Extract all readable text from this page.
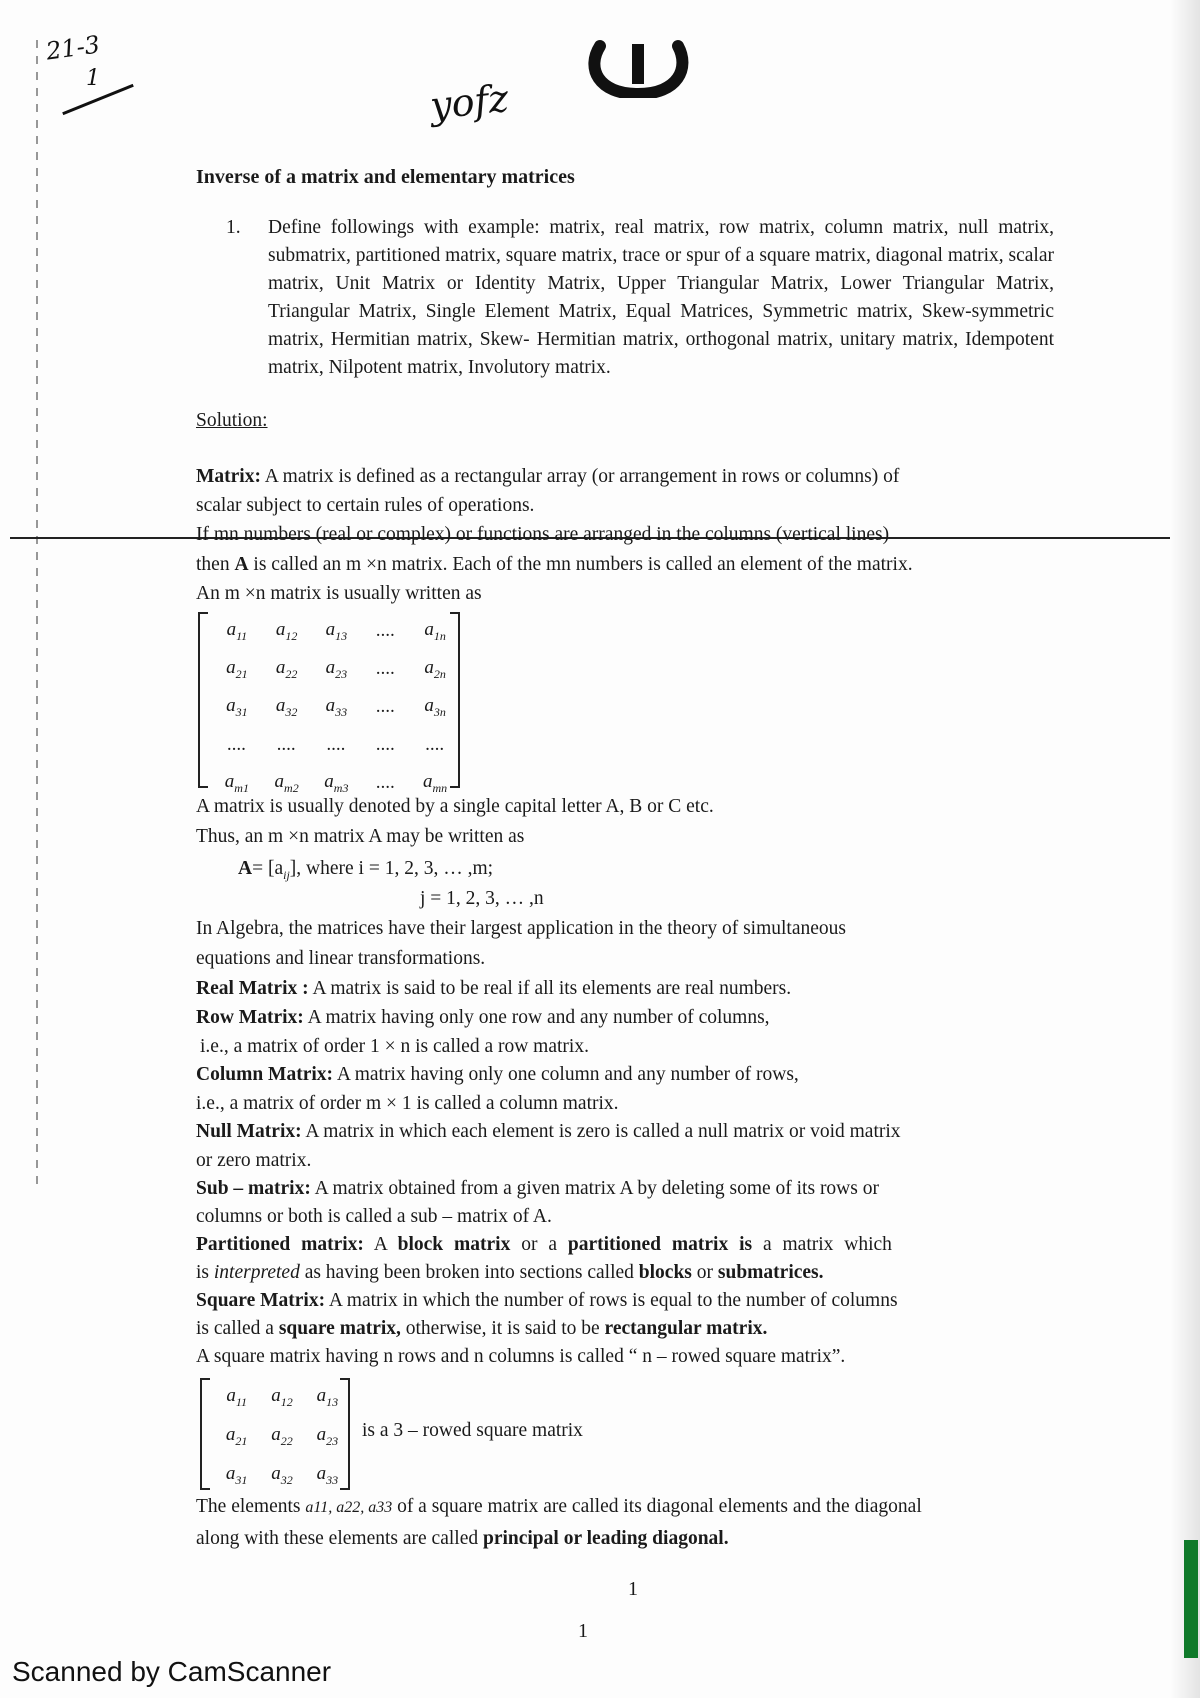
21-3
1	yofz
Inverse of a matrix and elementary matrices
1. Define followings with example: matrix, real matrix, row matrix, column matrix, null matrix, submatrix, partitioned matrix, square matrix, trace or spur of a square matrix, diagonal matrix, scalar matrix, Unit Matrix or Identity Matrix, Upper Triangular Matrix, Lower Triangular Matrix, Triangular Matrix, Single Element Matrix, Equal Matrices, Symmetric matrix, Skew-symmetric matrix, Hermitian matrix, Skew- Hermitian matrix, orthogonal matrix, unitary matrix, Idempotent matrix, Nilpotent matrix, Involutory matrix.
Solution:
Matrix: A matrix is defined as a rectangular array (or arrangement in rows or columns) of
scalar subject to certain rules of operations.
If mn numbers (real or complex) or functions are arranged in the columns (vertical lines)
then A is called an m ×n matrix. Each of the mn numbers is called an element of the matrix.
An m ×n matrix is usually written as
$a_{11}$	$a_{12}$	$a_{13}$	....	$a_{1n}$
$a_{21}$	$a_{22}$	$a_{23}$	....	$a_{2n}$
$a_{31}$	$a_{32}$	$a_{33}$	....	$a_{3n}$
....	....	....	....	....
$a_{m1}$	$a_{m2}$	$a_{m3}$	....	$a_{mn}$
A matrix is usually denoted by a single capital letter A, B or C etc.
Thus, an m ×n matrix A may be written as
$A= [a_{ij}]$, where i = 1, 2, 3, … ,m;
j = 1, 2, 3, … ,n
In Algebra, the matrices have their largest application in the theory of simultaneous
equations and linear transformations.
Real Matrix : A matrix is said to be real if all its elements are real numbers.
Row Matrix: A matrix having only one row and any number of columns,
i.e., a matrix of order 1 × n is called a row matrix.
Column Matrix: A matrix having only one column and any number of rows,
i.e., a matrix of order m × 1 is called a column matrix.
Null Matrix: A matrix in which each element is zero is called a null matrix or void matrix
or zero matrix.
Sub – matrix: A matrix obtained from a given matrix A by deleting some of its rows or
columns or both is called a sub – matrix of A.
Partitioned matrix: A block matrix or a partitioned matrix is a matrix which
is interpreted as having been broken into sections called blocks or submatrices.
Square Matrix: A matrix in which the number of rows is equal to the number of columns
is called a square matrix, otherwise, it is said to be rectangular matrix.
A square matrix having n rows and n columns is called “ n – rowed square matrix”.
$a_{11}$	$a_{12}$	$a_{13}$
$a_{21}$	$a_{22}$	$a_{23}$
$a_{31}$	$a_{32}$	$a_{33}$
is a 3 – rowed square matrix
The elements a11, a22, a33 of a square matrix are called its diagonal elements and the diagonal
along with these elements are called principal or leading diagonal.
1
1
Scanned by CamScanner
